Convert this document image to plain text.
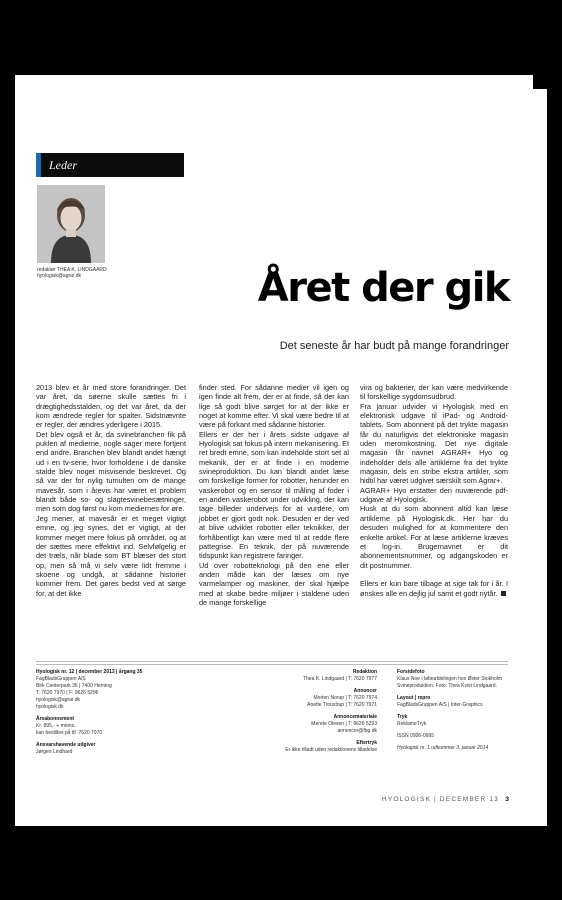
Leder
redaktør THEA K. LINDGAARD
hyologisk@agrar.dk	Året der gik
Det seneste år har budt på mange forandringer

2013 blev et år med store forandringer. Det var året, da søerne skulle sættes fri i drægtighedsstalden, og det var året, da der kom ændrede regler for spalter. Sidstnævnte er regler, der ændres yderligere i 2015.

Det blev også et år, da svinebranchen fik på puklen af medierne, nogle sager mere fortjent end andre. Branchen blev blandt andet hængt ud i en tv-serie, hvor forholdene i de danske stalde blev noget misvisende beskrevet. Og så var der for nylig tumulten om de mange mavesår, som i årevis har været et problem blandt både so- og slagtesvinebesætninger, men som dog først nu kom mediernes for øre.

Jeg mener, at mavesår er et meget vigtigt emne, og jeg synes, det er vigtigt, at der kommer meget mere fokus på området, og at der sættes mere effektivt ind. Selvfølgelig er det træls, når blade som BT blæser det stort op, men så må vi selv være lidt fremme i skoene og undgå, at sådanne historier kommer frem. Det gøres bedst ved at sørge for, at det ikke

finder sted. For sådanne medier vil igen og igen finde alt frem, der er at finde, så der kan lige så godt blive sørget for at der ikke er noget at komme efter. Vi skal være bedre til at være på forkant med sådanne historier.

Ellers er der her i årets sidste udgave af Hyologisk sat fokus på intern mekanisering. Et ret bredt emne, som kan indeholde stort set al mekanik, der er at finde i en moderne svineproduktion. Du kan blandt andet læse om forskellige former for robotter, herunder en vaskerobot og en sensor til måling af foder i en anden vaskerobot under udvikling, der kan tage billeder undervejs for at vurdere, om jobbet er gjort godt nok. Desuden er der ved at blive udviklet robotter eller teknikker, der forhåbentligt kan være med til at redde flere pattegrise. En teknik, der på nuværende tidspunkt kan registrere faringer.

Ud over robotteknologi på den ene eller anden måde kan der læses om nye varmelamper og maskiner, der skal hjælpe med at skabe bedre miljøer i staldene uden de mange forskellige

vira og bakterier, der kan være medvirkende til forskellige sygdomsudbrud.

Fra januar udvider vi Hyologisk med en elektronisk udgave til iPad- og Android-tablets. Som abonnent på det trykte magasin får du naturligvis det elektroniske magasin uden meromkostning. Det nye digitale magasin får navnet AGRAR+ Hyo og indeholder dels alle artiklerne fra det trykte magasin, dels en stribe ekstra artikler, som hidtil har været udgivet særskilt som Agrar+.

AGRAR+ Hyo erstatter den nuværende pdf-udgave af Hyologisk.

Husk at du som abonnent altid kan læse artiklerne på Hyologisk.dk. Her har du desuden mulighed for at kommentere den enkelte artikel. For at læse artiklerne kræves et log-in. Brugernavnet er dit abonnementsnummer, og adgangskoden er dit postnummer.

Ellers er kun bare tilbage at sige tak for i år. I ønskes alle en dejlig jul samt et godt nytår.

Hyologisk nr. 12 | december 2013 | årgang 35
FagBladsGruppen A/S
Birk Centerpark 36 | 7400 Herning
T: 7620 7970 | F: 9626 5296
hyologisk@agrar.dk
hyologisk.dk
Årsabonnement
Kr. 895,- + moms.
kan bestilles på tlf. 7620 7970
Ansvarshavende udgiver
Jørgen Lindhard
Redaktion
Thea K. Lindgaard | T: 7620 7977
Annoncer
Morten Norup | T: 7620 7974
Anette Troustrup | T: 7620 7971
Annoncemateriale
Merete Olesen | T: 9626 5293
annoncer@fbg.dk
Eftertryk
Er ikke tilladt uden redaktionens tilladelse
Forsidefoto
Klaus Noe i løbeafdelingen hos Øster Stokholm
Svineproduktion. Foto: Thea Kvist Lindgaard.
Layout | repro
FagBladsGruppen A/S | Inter-Graphics
Tryk
ReklameTryk
ISSN 0906-0995
Hyologisk nr. 1 udkommer 3. januar 2014
HYOLOGISK | DECEMBER 13 3
